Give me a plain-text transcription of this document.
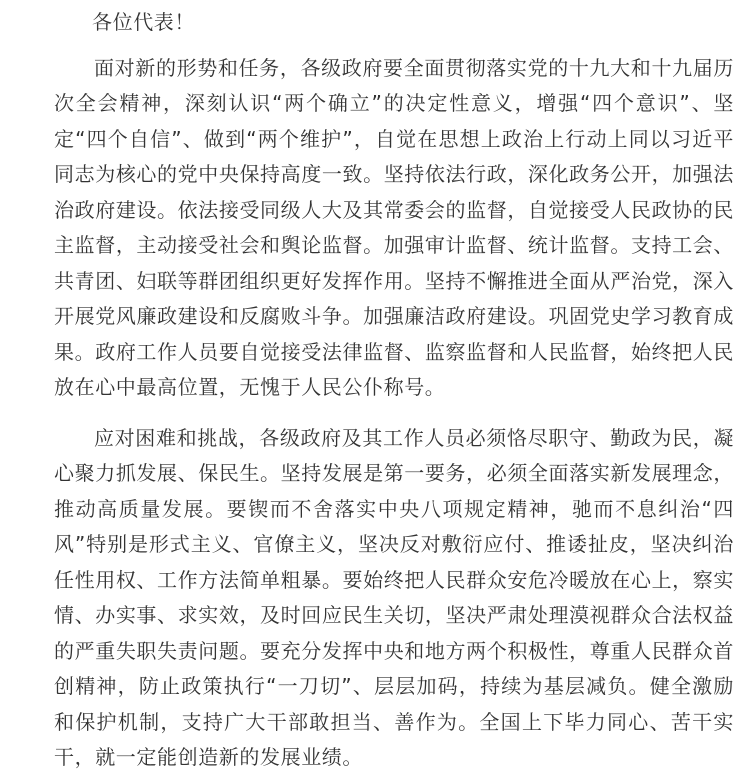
各位代表！

面对新的形势和任务，各级政府要全面贯彻落实党的十九大和十九届历次全会精神，深刻认识“两个确立”的决定性意义，增强“四个意识”、坚定“四个自信”、做到“两个维护”，自觉在思想上政治上行动上同以习近平同志为核心的党中央保持高度一致。坚持依法行政，深化政务公开，加强法治政府建设。依法接受同级人大及其常委会的监督，自觉接受人民政协的民主监督，主动接受社会和舆论监督。加强审计监督、统计监督。支持工会、共青团、妇联等群团组织更好发挥作用。坚持不懈推进全面从严治党，深入开展党风廉政建设和反腐败斗争。加强廉洁政府建设。巩固党史学习教育成果。政府工作人员要自觉接受法律监督、监察监督和人民监督，始终把人民放在心中最高位置，无愧于人民公仆称号。

应对困难和挑战，各级政府及其工作人员必须恪尽职守、勤政为民，凝心聚力抓发展、保民生。坚持发展是第一要务，必须全面落实新发展理念，推动高质量发展。要锲而不舍落实中央八项规定精神，驰而不息纠治“四风”特别是形式主义、官僚主义，坚决反对敷衍应付、推诿扯皮，坚决纠治任性用权、工作方法简单粗暴。要始终把人民群众安危冷暖放在心上，察实情、办实事、求实效，及时回应民生关切，坚决严肃处理漠视群众合法权益的严重失职失责问题。要充分发挥中央和地方两个积极性，尊重人民群众首创精神，防止政策执行“一刀切”、层层加码，持续为基层减负。健全激励和保护机制，支持广大干部敢担当、善作为。全国上下毕力同心、苦干实干，就一定能创造新的发展业绩。
